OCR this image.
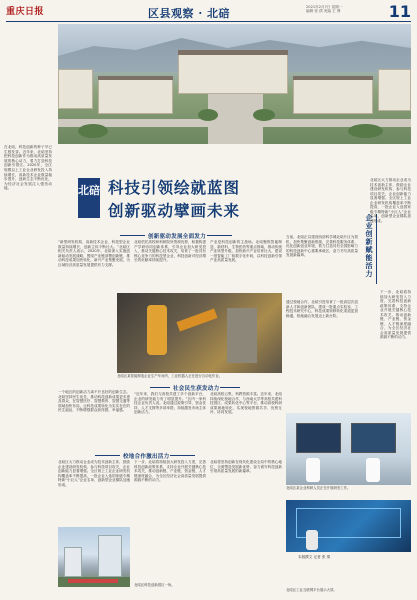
重庆日报	区县观察 · 北碚	2021年2月7日 星期一
编辑 张 倩 美编 王 博	11
在北碚，科技创新的种子早已生根发芽。近年来，北碚坚持把科技创新作为推动高质量发展的核心动力，着力打造科技创新引领区。2020年，全区规模以上工业企业研发投入持续增长，高新技术企业数量稳步提升，创新生态不断优化，为经济社会发展注入强劲动能。	北碚 科技引领绘就蓝图
创新驱动擘画未来
创新驱动发展全面发力
“新型研发机构、高新技术企业、科技型企业数量持续增长，创新主体不断壮大。”北碚区相关负责人表示，2020年，北碚深入实施创新驱动发展战略，围绕产业链部署创新链，推动科技成果加快转化，新兴产业集聚发展，为区域经济高质量发展提供有力支撑。
北碚依托高校和科研院所资源优势，积极构建产学研协同创新体系，引导企业加大研发投入，推动关键核心技术攻关，培育了一批具有核心竞争力的科技型企业，科技创新对经济增长的贡献率持续提升。
产业是科技创新的主战场。北碚聚焦智能制造、新材料、生物医药等重点领域，推动传统产业转型升级，加快新兴产业培育壮大，建设一批智能工厂和数字化车间，以科技创新引领产业高质量发展。
当前，北碚正以建设西部科学城北碚片区为契机，加快集聚创新资源，完善科技服务体系，优化创新创业环境，着力打造具有全国影响力的科技创新中心重要承载区，奋力书写高质量发展新篇章。	企业创新赋能活力
北碚区大力推动企业成为技术创新主体，鼓励企业建设研发机构、参与科技项目攻关，企业创新能力显著增强。全区规上工业企业研发机构覆盖率不断提高，一批企业入选国家级专精特新“小巨人”企业名单，创新型企业梯队加速形成。
下一步，北碚将持续加大研发投入力度，完善科技创新政策体系，支持企业开展关键核心技术攻关，推动创新链、产业链、资金链、人才链深度融合，为全区经济社会高质量发展提供源源不断的动力。
北碚区某智能制造企业生产车间内，工业机器人正在进行自动化作业。
社会民生获发动力
一个地区的创新活力离不开良好的创新生态。北碚坚持民生优先，推动科技创新成果更多惠及群众，在智慧医疗、智慧教育、智慧交通等领域加快布局，让科技成果转化为实实在在的民生福祉，不断增强群众获得感、幸福感。
“近年来，我们与高校共建了多个创新平台，企业的研发能力有了明显提升。”区内一家科技企业负责人说。北碚通过政策引导、资金扶持、人才支撑等多项举措，持续激发市场主体创新活力。
北碚高校云集，科教资源丰富。近年来，北碚持续深化校地合作，与西南大学等高校共建科技园区、成果转化中心等平台，推动高校科研成果就地转化，实现校地资源共享、优势互补、协同发展。
通过校地合作，北碚引进培育了一批高层次创新人才和创新团队，建成一批重点实验室、工程技术研究中心，科技成果转移转化渠道更加畅通，校地融合发展迈上新台阶。
校地合作激出活力
北碚区大力推动企业成为技术创新主体，鼓励企业建设研发机构、参与科技项目攻关，企业创新能力显著增强。全区规上工业企业研发机构覆盖率不断提高，一批企业入选国家级专精特新“小巨人”企业名单，创新型企业梯队加速形成。
下一步，北碚将持续加大研发投入力度，完善科技创新政策体系，支持企业开展关键核心技术攻关，推动创新链、产业链、资金链、人才链深度融合，为全区经济社会高质量发展提供源源不断的动力。
北碚将坚持创新在现代化建设全局中的核心地位，全面塑造发展新优势，奋力谱写科技创新引领高质量发展的新篇章。
北碚区科技创新园区一角。
北碚区某企业科研人员正在开展研发工作。
北碚区工业互联网平台展示大屏。
本版撰文 记者 张 倩
